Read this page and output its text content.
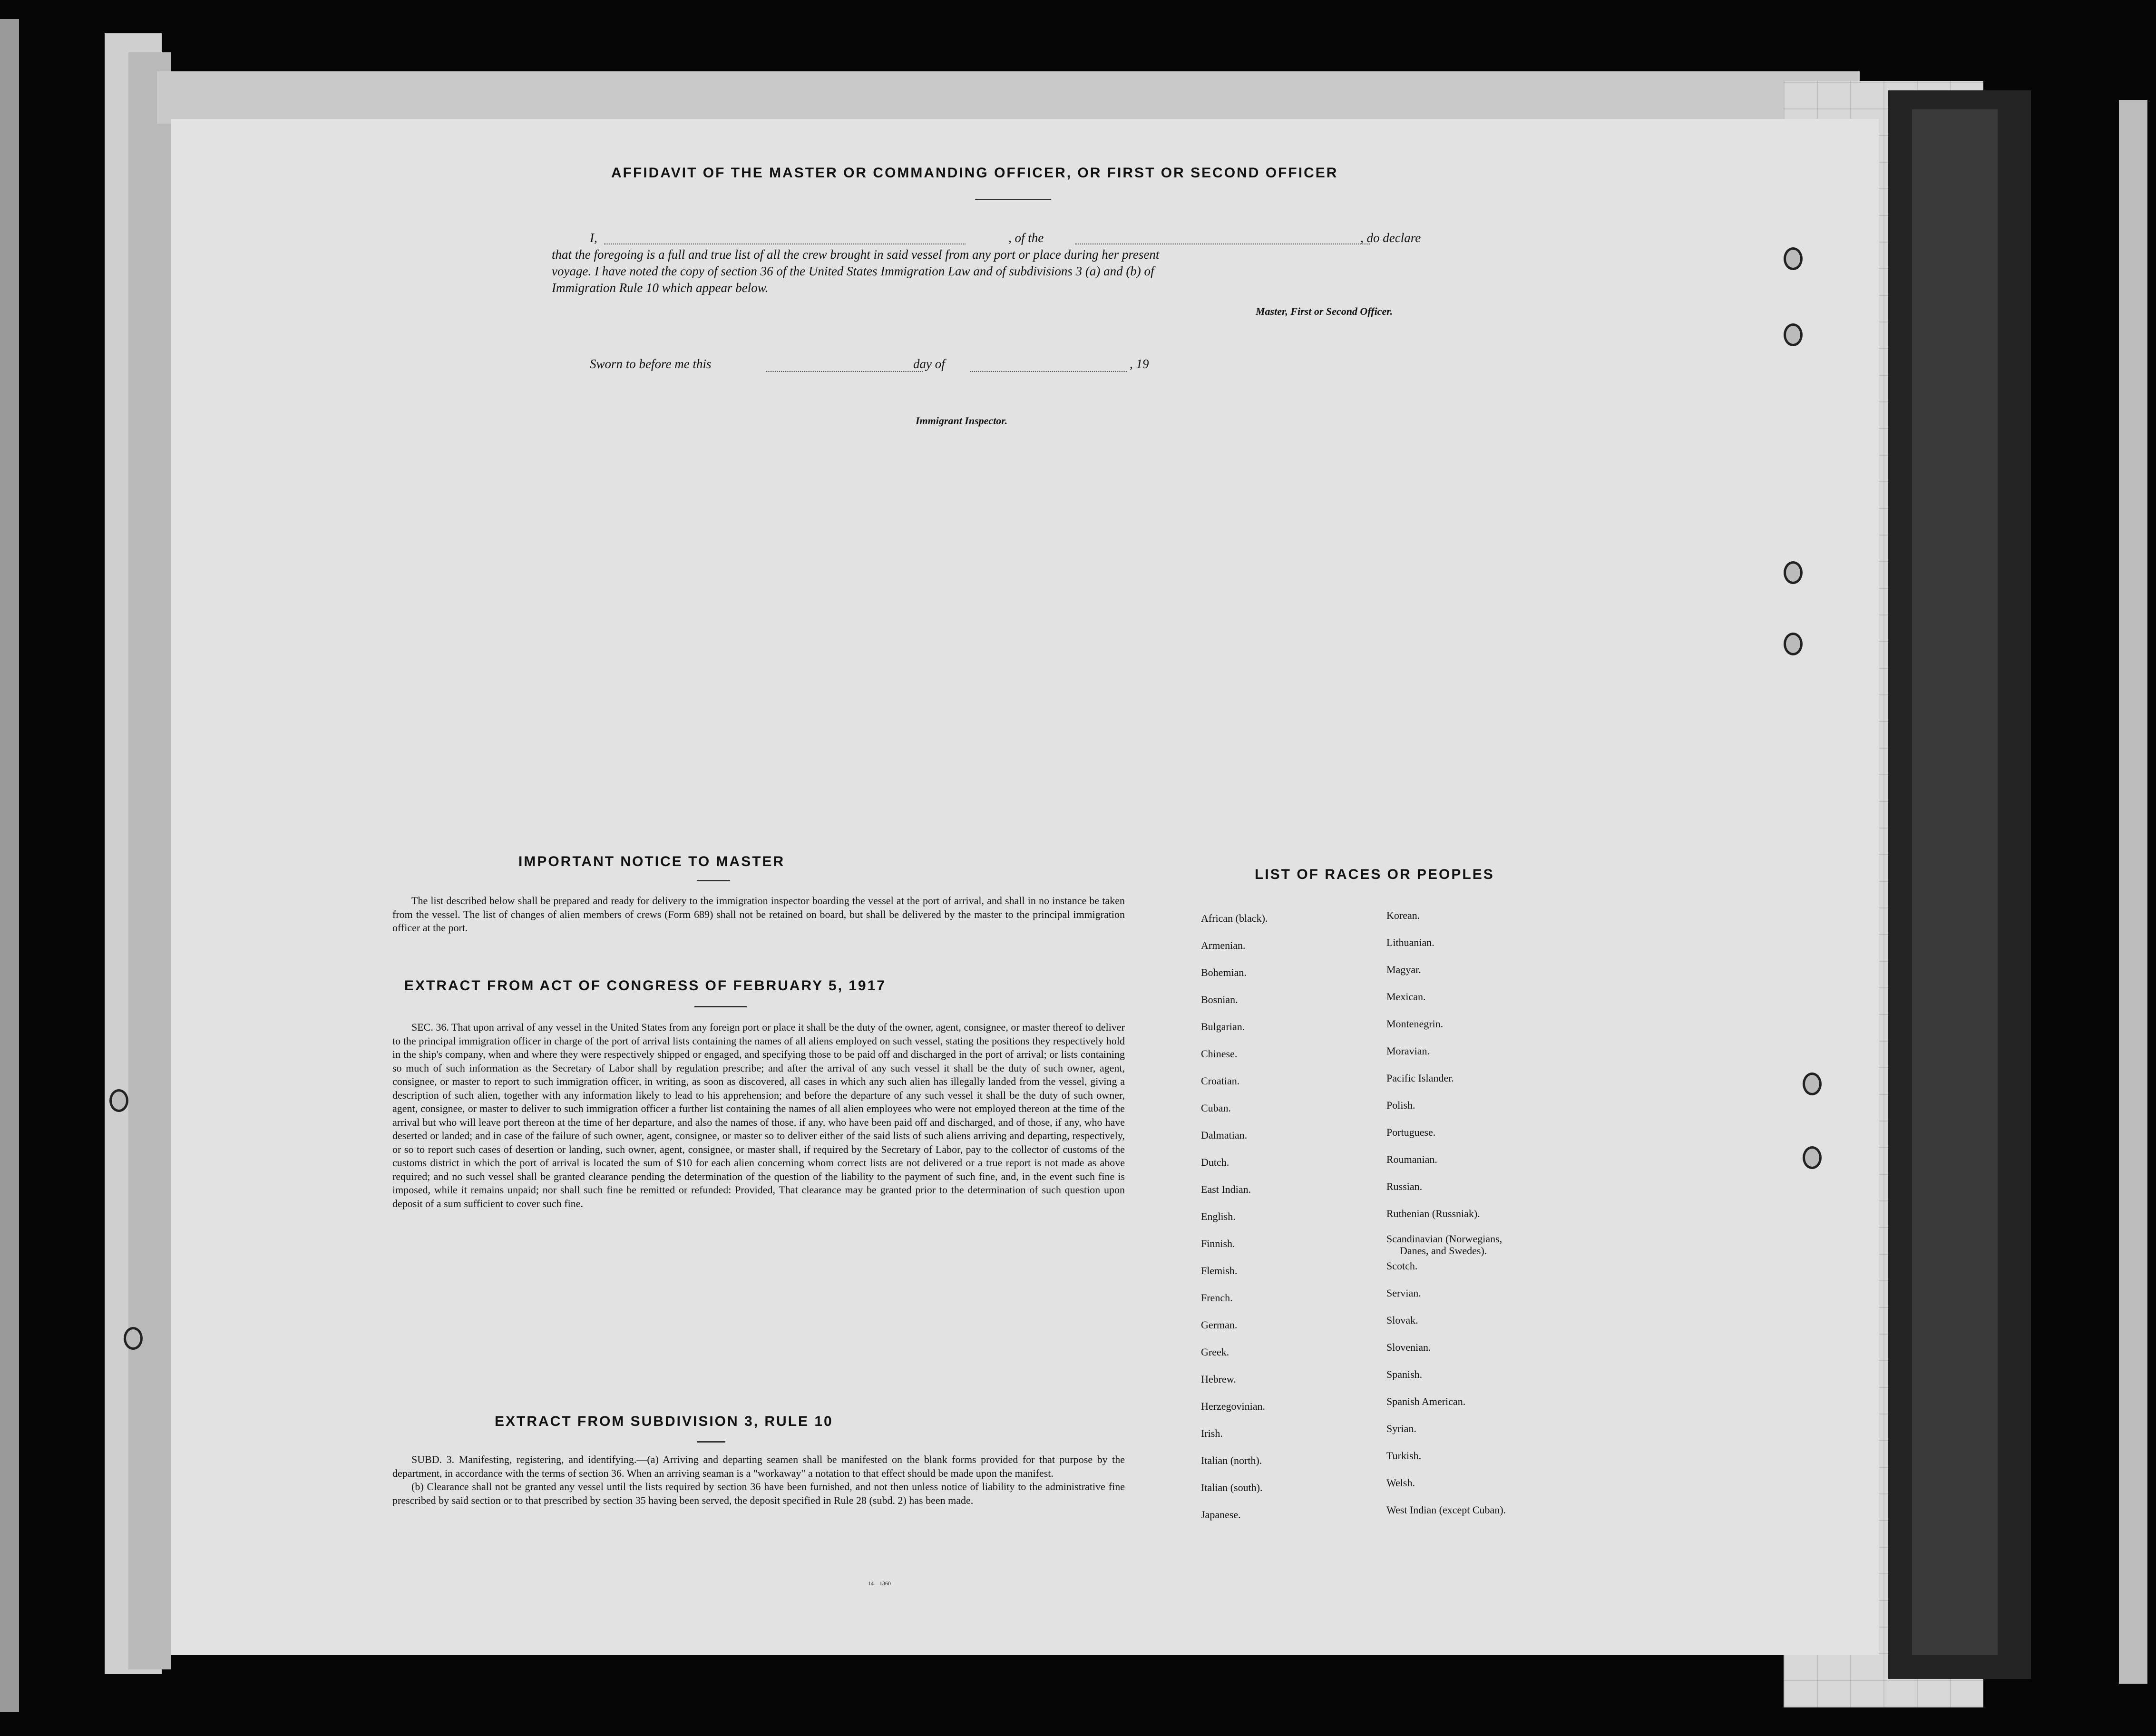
AFFIDAVIT OF THE MASTER OR COMMANDING OFFICER, OR FIRST OR SECOND OFFICER
I,	, of the	, do declare
that the foregoing is a full and true list of all the crew brought in said vessel from any port or place during her present
voyage. I have noted the copy of section 36 of the United States Immigration Law and of subdivisions 3 (a) and (b) of
Immigration Rule 10 which appear below.
Master, First or Second Officer.
Sworn to before me this	day of	, 19
Immigrant Inspector.
IMPORTANT NOTICE TO MASTER

The list described below shall be prepared and ready for delivery to the immigration inspector boarding the vessel at the port of arrival, and shall in no instance be taken from the vessel. The list of changes of alien members of crews (Form 689) shall not be retained on board, but shall be delivered by the master to the principal immigration officer at the port.

EXTRACT FROM ACT OF CONGRESS OF FEBRUARY 5, 1917

SEC. 36. That upon arrival of any vessel in the United States from any foreign port or place it shall be the duty of the owner, agent, consignee, or master thereof to deliver to the principal immigration officer in charge of the port of arrival lists containing the names of all aliens employed on such vessel, stating the positions they respectively hold in the ship's company, when and where they were respectively shipped or engaged, and specifying those to be paid off and discharged in the port of arrival; or lists containing so much of such information as the Secretary of Labor shall by regulation prescribe; and after the arrival of any such vessel it shall be the duty of such owner, agent, consignee, or master to report to such immigration officer, in writing, as soon as discovered, all cases in which any such alien has illegally landed from the vessel, giving a description of such alien, together with any information likely to lead to his apprehension; and before the departure of any such vessel it shall be the duty of such owner, agent, consignee, or master to deliver to such immigration officer a further list containing the names of all alien employees who were not employed thereon at the time of the arrival but who will leave port thereon at the time of her departure, and also the names of those, if any, who have been paid off and discharged, and of those, if any, who have deserted or landed; and in case of the failure of such owner, agent, consignee, or master so to deliver either of the said lists of such aliens arriving and departing, respectively, or so to report such cases of desertion or landing, such owner, agent, consignee, or master shall, if required by the Secretary of Labor, pay to the collector of customs of the customs district in which the port of arrival is located the sum of $10 for each alien concerning whom correct lists are not delivered or a true report is not made as above required; and no such vessel shall be granted clearance pending the determination of the question of the liability to the payment of such fine, and, in the event such fine is imposed, while it remains unpaid; nor shall such fine be remitted or refunded: Provided, That clearance may be granted prior to the determination of such question upon deposit of a sum sufficient to cover such fine.

EXTRACT FROM SUBDIVISION 3, RULE 10

SUBD. 3. Manifesting, registering, and identifying.—(a) Arriving and departing seamen shall be manifested on the blank forms provided for that purpose by the department, in accordance with the terms of section 36. When an arriving seaman is a "workaway" a notation to that effect should be made upon the manifest.

(b) Clearance shall not be granted any vessel until the lists required by section 36 have been furnished, and not then unless notice of liability to the administrative fine prescribed by said section or to that prescribed by section 35 having been served, the deposit specified in Rule 28 (subd. 2) has been made.

14—1360
LIST OF RACES OR PEOPLES
African (black).
Armenian.
Bohemian.
Bosnian.
Bulgarian.
Chinese.
Croatian.
Cuban.
Dalmatian.
Dutch.
East Indian.
English.
Finnish.
Flemish.
French.
German.
Greek.
Hebrew.
Herzegovinian.
Irish.
Italian (north).
Italian (south).
Japanese.
Korean.
Lithuanian.
Magyar.
Mexican.
Montenegrin.
Moravian.
Pacific Islander.
Polish.
Portuguese.
Roumanian.
Russian.
Ruthenian (Russniak).
Scandinavian (Norwegians,
Danes, and Swedes).
Scotch.
Servian.
Slovak.
Slovenian.
Spanish.
Spanish American.
Syrian.
Turkish.
Welsh.
West Indian (except Cuban).
